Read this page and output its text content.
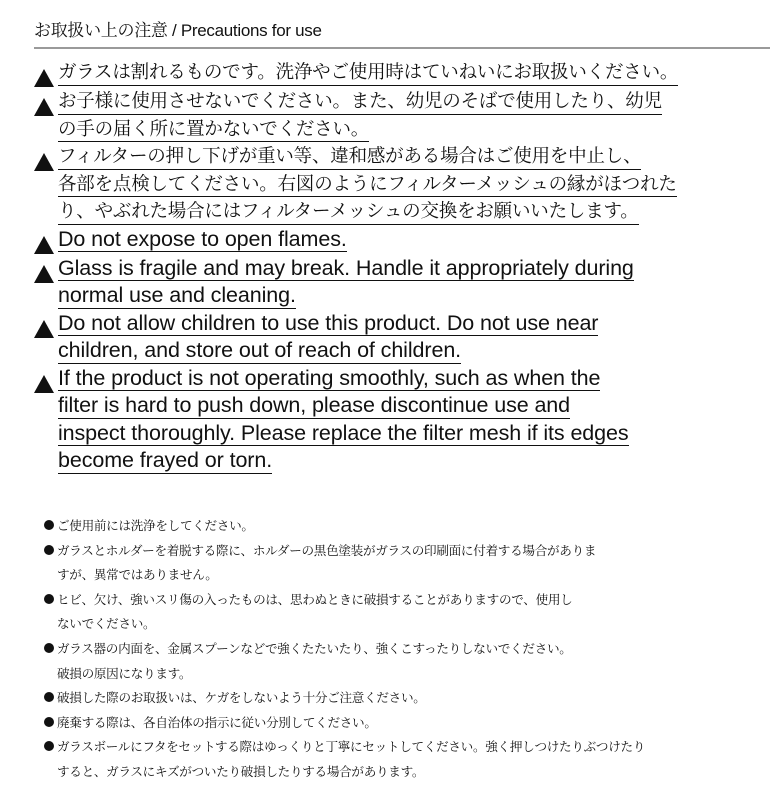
お取扱い上の注意 / Precautions for use
ガラスは割れるものです。洗浄やご使用時はていねいにお取扱いください。
お子様に使用させないでください。また、幼児のそばで使用したり、幼児
の手の届く所に置かないでください。
フィルターの押し下げが重い等、違和感がある場合はご使用を中止し、
各部を点検してください。右図のようにフィルターメッシュの縁がほつれた
り、やぶれた場合にはフィルターメッシュの交換をお願いいたします。
Do not expose to open flames.
Glass is fragile and may break. Handle it appropriately during
normal use and cleaning.
Do not allow children to use this product. Do not use near
children, and store out of reach of children.
If the product is not operating smoothly, such as when the
filter is hard to push down, please discontinue use and
inspect thoroughly. Please replace the filter mesh if its edges
become frayed or torn.
ご使用前には洗浄をしてください。
ガラスとホルダーを着脱する際に、ホルダーの黒色塗装がガラスの印刷面に付着する場合がありま
すが、異常ではありません。
ヒビ、欠け、強いスリ傷の入ったものは、思わぬときに破損することがありますので、使用し
ないでください。
ガラス器の内面を、金属スプーンなどで強くたたいたり、強くこすったりしないでください。
破損の原因になります。
破損した際のお取扱いは、ケガをしないよう十分ご注意ください。
廃棄する際は、各自治体の指示に従い分別してください。
ガラスボールにフタをセットする際はゆっくりと丁寧にセットしてください。強く押しつけたりぶつけたり
すると、ガラスにキズがついたり破損したりする場合があります。
